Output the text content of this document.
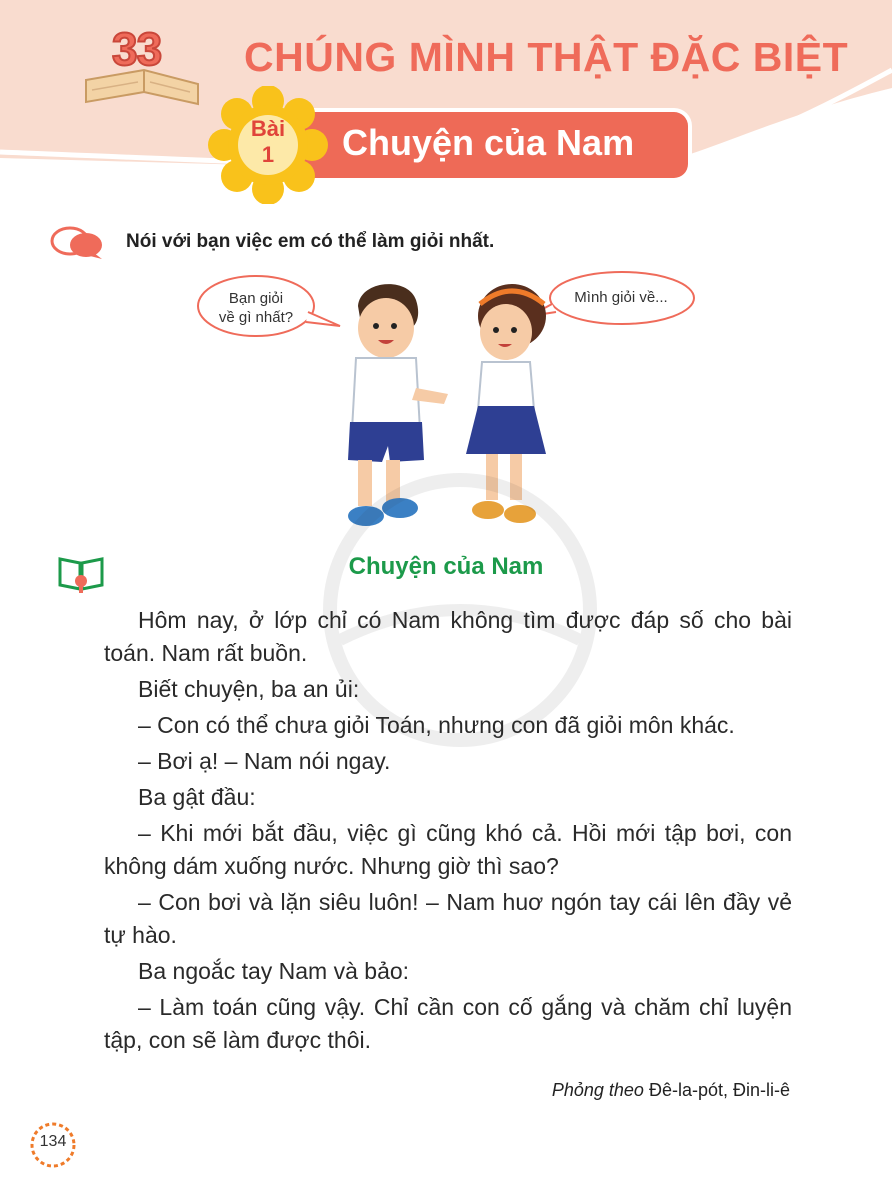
33 CHÚNG MÌNH THẬT ĐẶC BIỆT
Chuyện của Nam
Bài
1
Nói với bạn việc em có thể làm giỏi nhất.
Bạn giỏi
về gì nhất?
Mình giỏi về...
Chuyện của Nam

Hôm nay, ở lớp chỉ có Nam không tìm được đáp số cho bài toán. Nam rất buồn.

Biết chuyện, ba an ủi:

– Con có thể chưa giỏi Toán, nhưng con đã giỏi môn khác.

– Bơi ạ! – Nam nói ngay.

Ba gật đầu:

– Khi mới bắt đầu, việc gì cũng khó cả. Hồi mới tập bơi, con không dám xuống nước. Nhưng giờ thì sao?

– Con bơi và lặn siêu luôn! – Nam huơ ngón tay cái lên đầy vẻ tự hào.

Ba ngoắc tay Nam và bảo:

– Làm toán cũng vậy. Chỉ cần con cố gắng và chăm chỉ luyện tập, con sẽ làm được thôi.

Phỏng theo Đê-la-pót, Đin-li-ê
134
